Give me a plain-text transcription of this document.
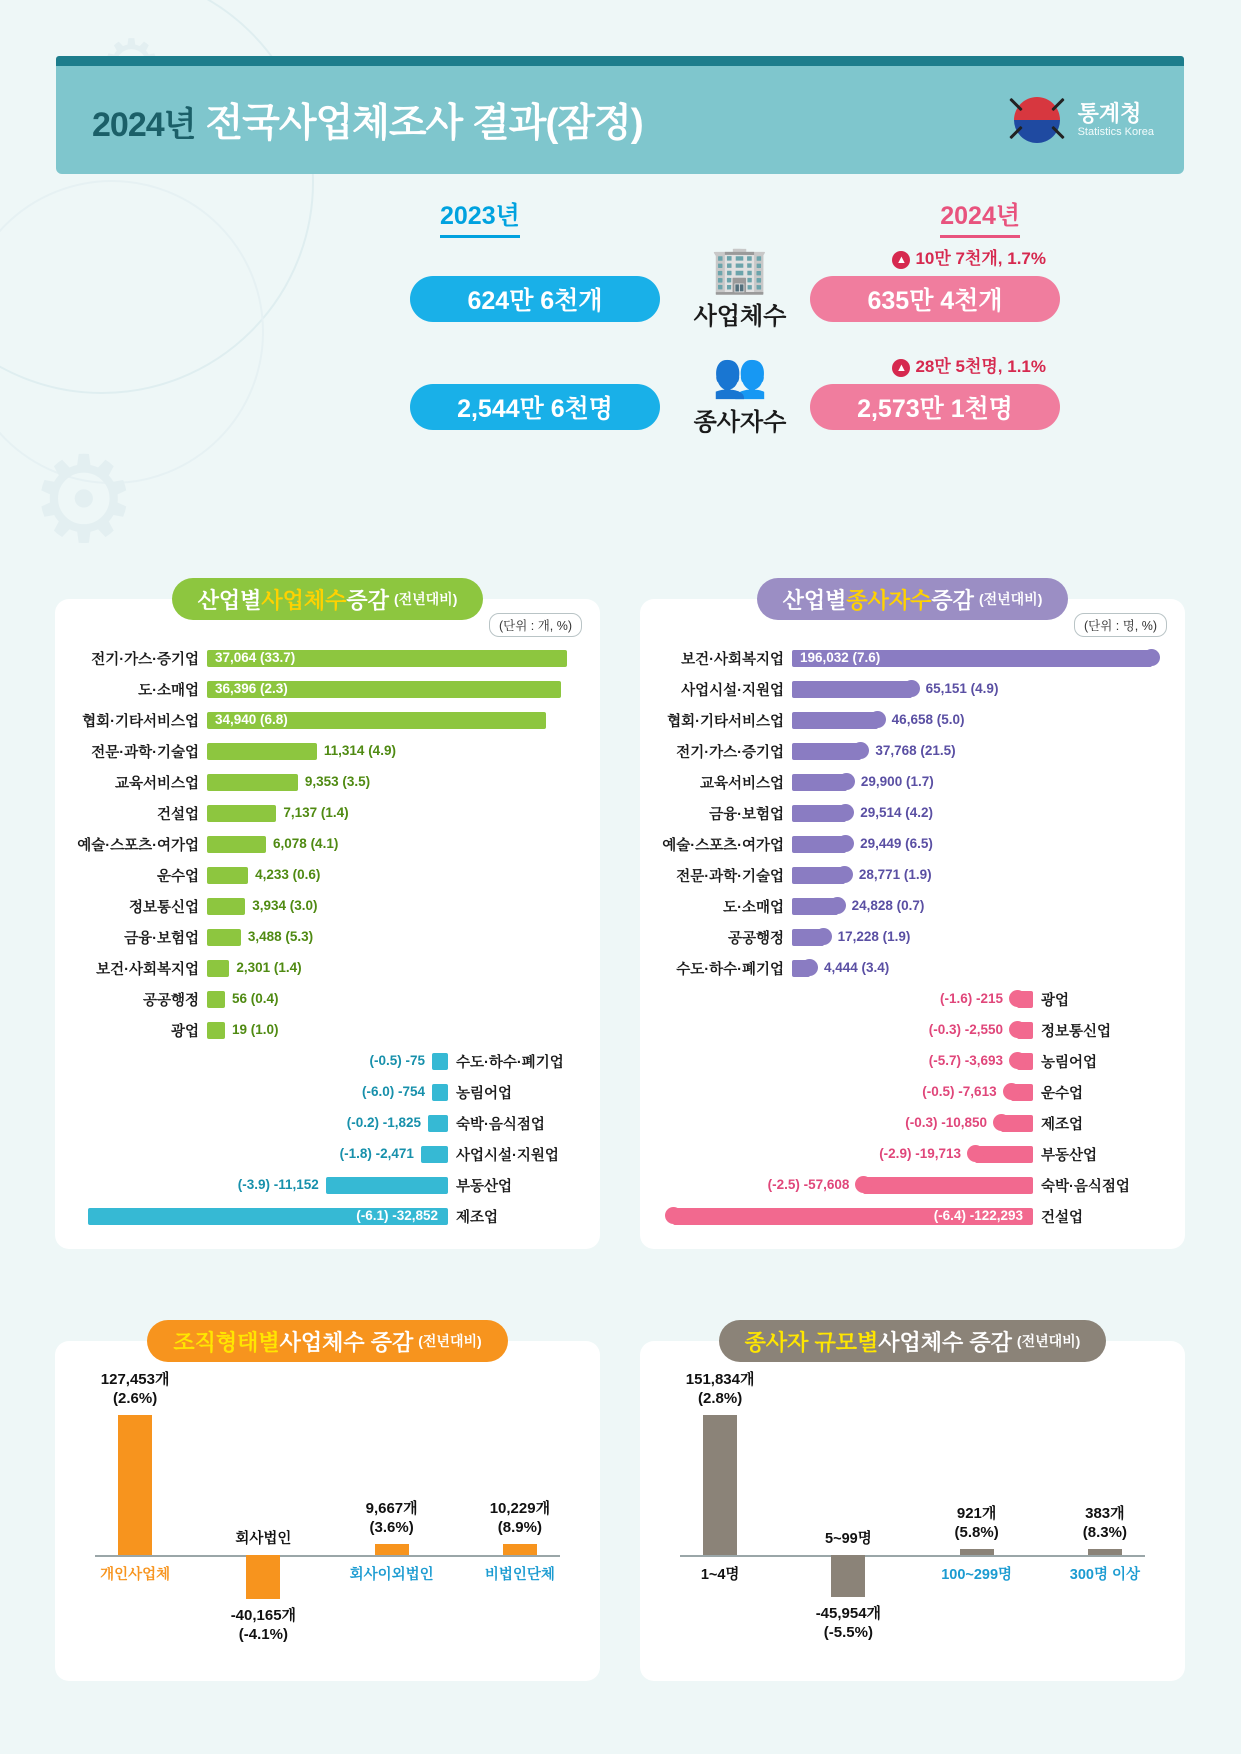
⚙
2024년 전국사업체조사 결과(잠정)	통계청
Statistics Korea
2023년	2024년
624만 6천개
🏢
사업체수
▲ 10만 7천개, 1.7%
635만 4천개
2,544만 6천명
👥
종사자수
▲ 28만 5천명, 1.1%
2,573만 1천명
산업별 사업체수 증감 (전년대비)
(단위 : 개, %)
전기·가스·증기업	37,064 (33.7)
도·소매업	36,396 (2.3)
협회·기타서비스업	34,940 (6.8)
전문·과학·기술업	11,314 (4.9)
교육서비스업	9,353 (3.5)
건설업	7,137 (1.4)
예술·스포츠·여가업	6,078 (4.1)
운수업	4,233 (0.6)
정보통신업	3,934 (3.0)
금융·보험업	3,488 (5.3)
보건·사회복지업	2,301 (1.4)
공공행정	56 (0.4)
광업	19 (1.0)
(-0.5) -75	수도·하수·폐기업
(-6.0) -754	농림어업
(-0.2) -1,825	숙박·음식점업
(-1.8) -2,471	사업시설·지원업
(-3.9) -11,152	부동산업
(-6.1) -32,852	제조업
산업별 종사자수 증감 (전년대비)
(단위 : 명, %)
보건·사회복지업	196,032 (7.6)
사업시설·지원업	65,151 (4.9)
협회·기타서비스업	46,658 (5.0)
전기·가스·증기업	37,768 (21.5)
교육서비스업	29,900 (1.7)
금융·보험업	29,514 (4.2)
예술·스포츠·여가업	29,449 (6.5)
전문·과학·기술업	28,771 (1.9)
도·소매업	24,828 (0.7)
공공행정	17,228 (1.9)
수도·하수·폐기업	4,444 (3.4)
(-1.6) -215	광업
(-0.3) -2,550	정보통신업
(-5.7) -3,693	농림어업
(-0.5) -7,613	운수업
(-0.3) -10,850	제조업
(-2.9) -19,713	부동산업
(-2.5) -57,608	숙박·음식점업
(-6.4) -122,293	건설업
조직형태별 사업체수 증감 (전년대비)
127,453개
(2.6%)
개인사업체
-40,165개
(-4.1%)
회사법인
9,667개
(3.6%)
회사이외법인
10,229개
(8.9%)
비법인단체
종사자 규모별 사업체수 증감 (전년대비)
151,834개
(2.8%)
1~4명
-45,954개
(-5.5%)
5~99명
921개
(5.8%)
100~299명
383개
(8.3%)
300명 이상
